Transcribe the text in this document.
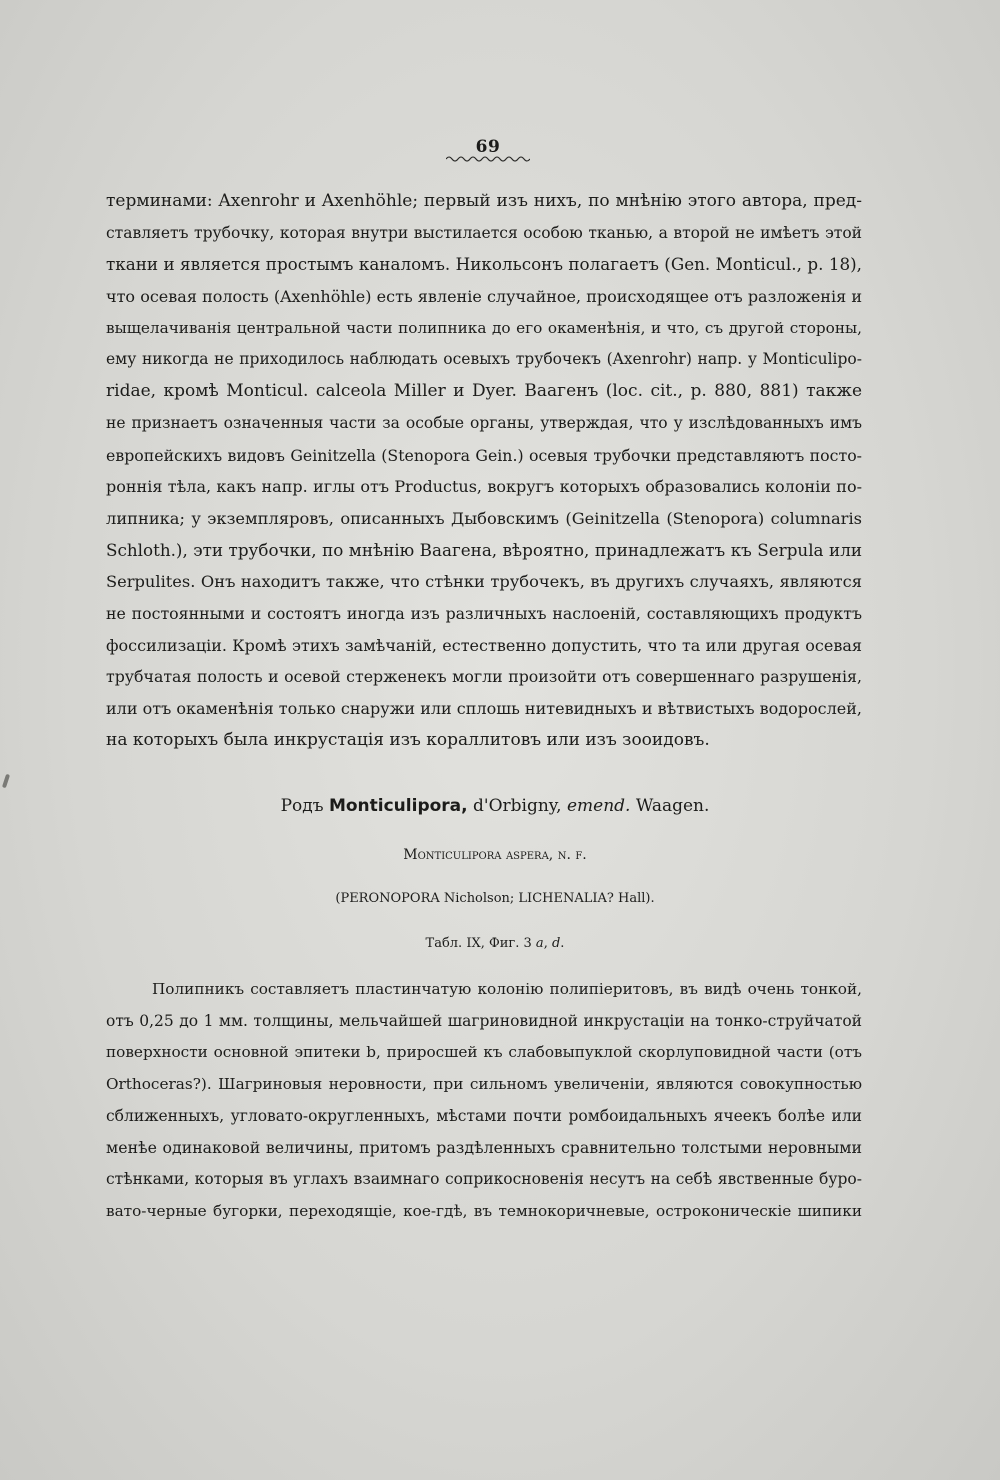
69
терминами: Axenrohr и Axenhöhle; первый изъ нихъ, по мнѣнію этого автора, пред-
ставляетъ трубочку, которая внутри выстилается особою тканью, а второй не имѣетъ этой
ткани и является простымъ каналомъ. Никольсонъ полагаетъ (Gen. Monticul., p. 18),
что осевая полость (Axenhöhle) есть явленіе случайное, происходящее отъ разложенія и
выщелачиванія центральной части полипника до его окаменѣнія, и что, съ другой стороны,
ему никогда не приходилось наблюдать осевыхъ трубочекъ (Axenrohr) напр. у Monticulipo-
ridae, кромѣ Monticul. calceola Miller и Dyer. Ваагенъ (loc. cit., p. 880, 881) также
не признаетъ означенныя части за особые органы, утверждая, что у изслѣдованныхъ имъ
европейскихъ видовъ Geinitzella (Stenopora Gein.) осевыя трубочки представляютъ посто-
роннія тѣла, какъ напр. иглы отъ Productus, вокругъ которыхъ образовались колоніи по-
липника; у экземпляровъ, описанныхъ Дыбовскимъ (Geinitzella (Stenopora) columnaris
Schloth.), эти трубочки, по мнѣнію Ваагена, вѣроятно, принадлежатъ къ Serpula или
Serpulites. Онъ находитъ также, что стѣнки трубочекъ, въ другихъ случаяхъ, являются
не постоянными и состоятъ иногда изъ различныхъ наслоеній, составляющихъ продуктъ
фоссилизаціи. Кромѣ этихъ замѣчаній, естественно допустить, что та или другая осевая
трубчатая полость и осевой стерженекъ могли произойти отъ совершеннаго разрушенія,
или отъ окаменѣнія только снаружи или сплошь нитевидныхъ и вѣтвистыхъ водорослей,
на которыхъ была инкрустація изъ кораллитовъ или изъ зооидовъ.
Родъ Monticulipora, d'Orbigny, emend. Waagen.
Monticulipora aspera, n. f.
(PERONOPORA Nicholson; LICHENALIA? Hall).
Табл. IX, Фиг. 3 a, d.
Полипникъ составляетъ пластинчатую колонію полипіеритовъ, въ видѣ очень тонкой,
отъ 0,25 до 1 мм. толщины, мельчайшей шагриновидной инкрустаціи на тонко-струйчатой
поверхности основной эпитеки b, приросшей къ слабовыпуклой скорлуповидной части (отъ
Orthoceras?). Шагриновыя неровности, при сильномъ увеличеніи, являются совокупностью
сближенныхъ, угловато-округленныхъ, мѣстами почти ромбоидальныхъ ячеекъ болѣе или
менѣе одинаковой величины, притомъ раздѣленныхъ сравнительно толстыми неровными
стѣнками, которыя въ углахъ взаимнаго соприкосновенія несутъ на себѣ явственные буро-
вато-черные бугорки, переходящіе, кое-гдѣ, въ темнокоричневые, остроконическіе шипики
